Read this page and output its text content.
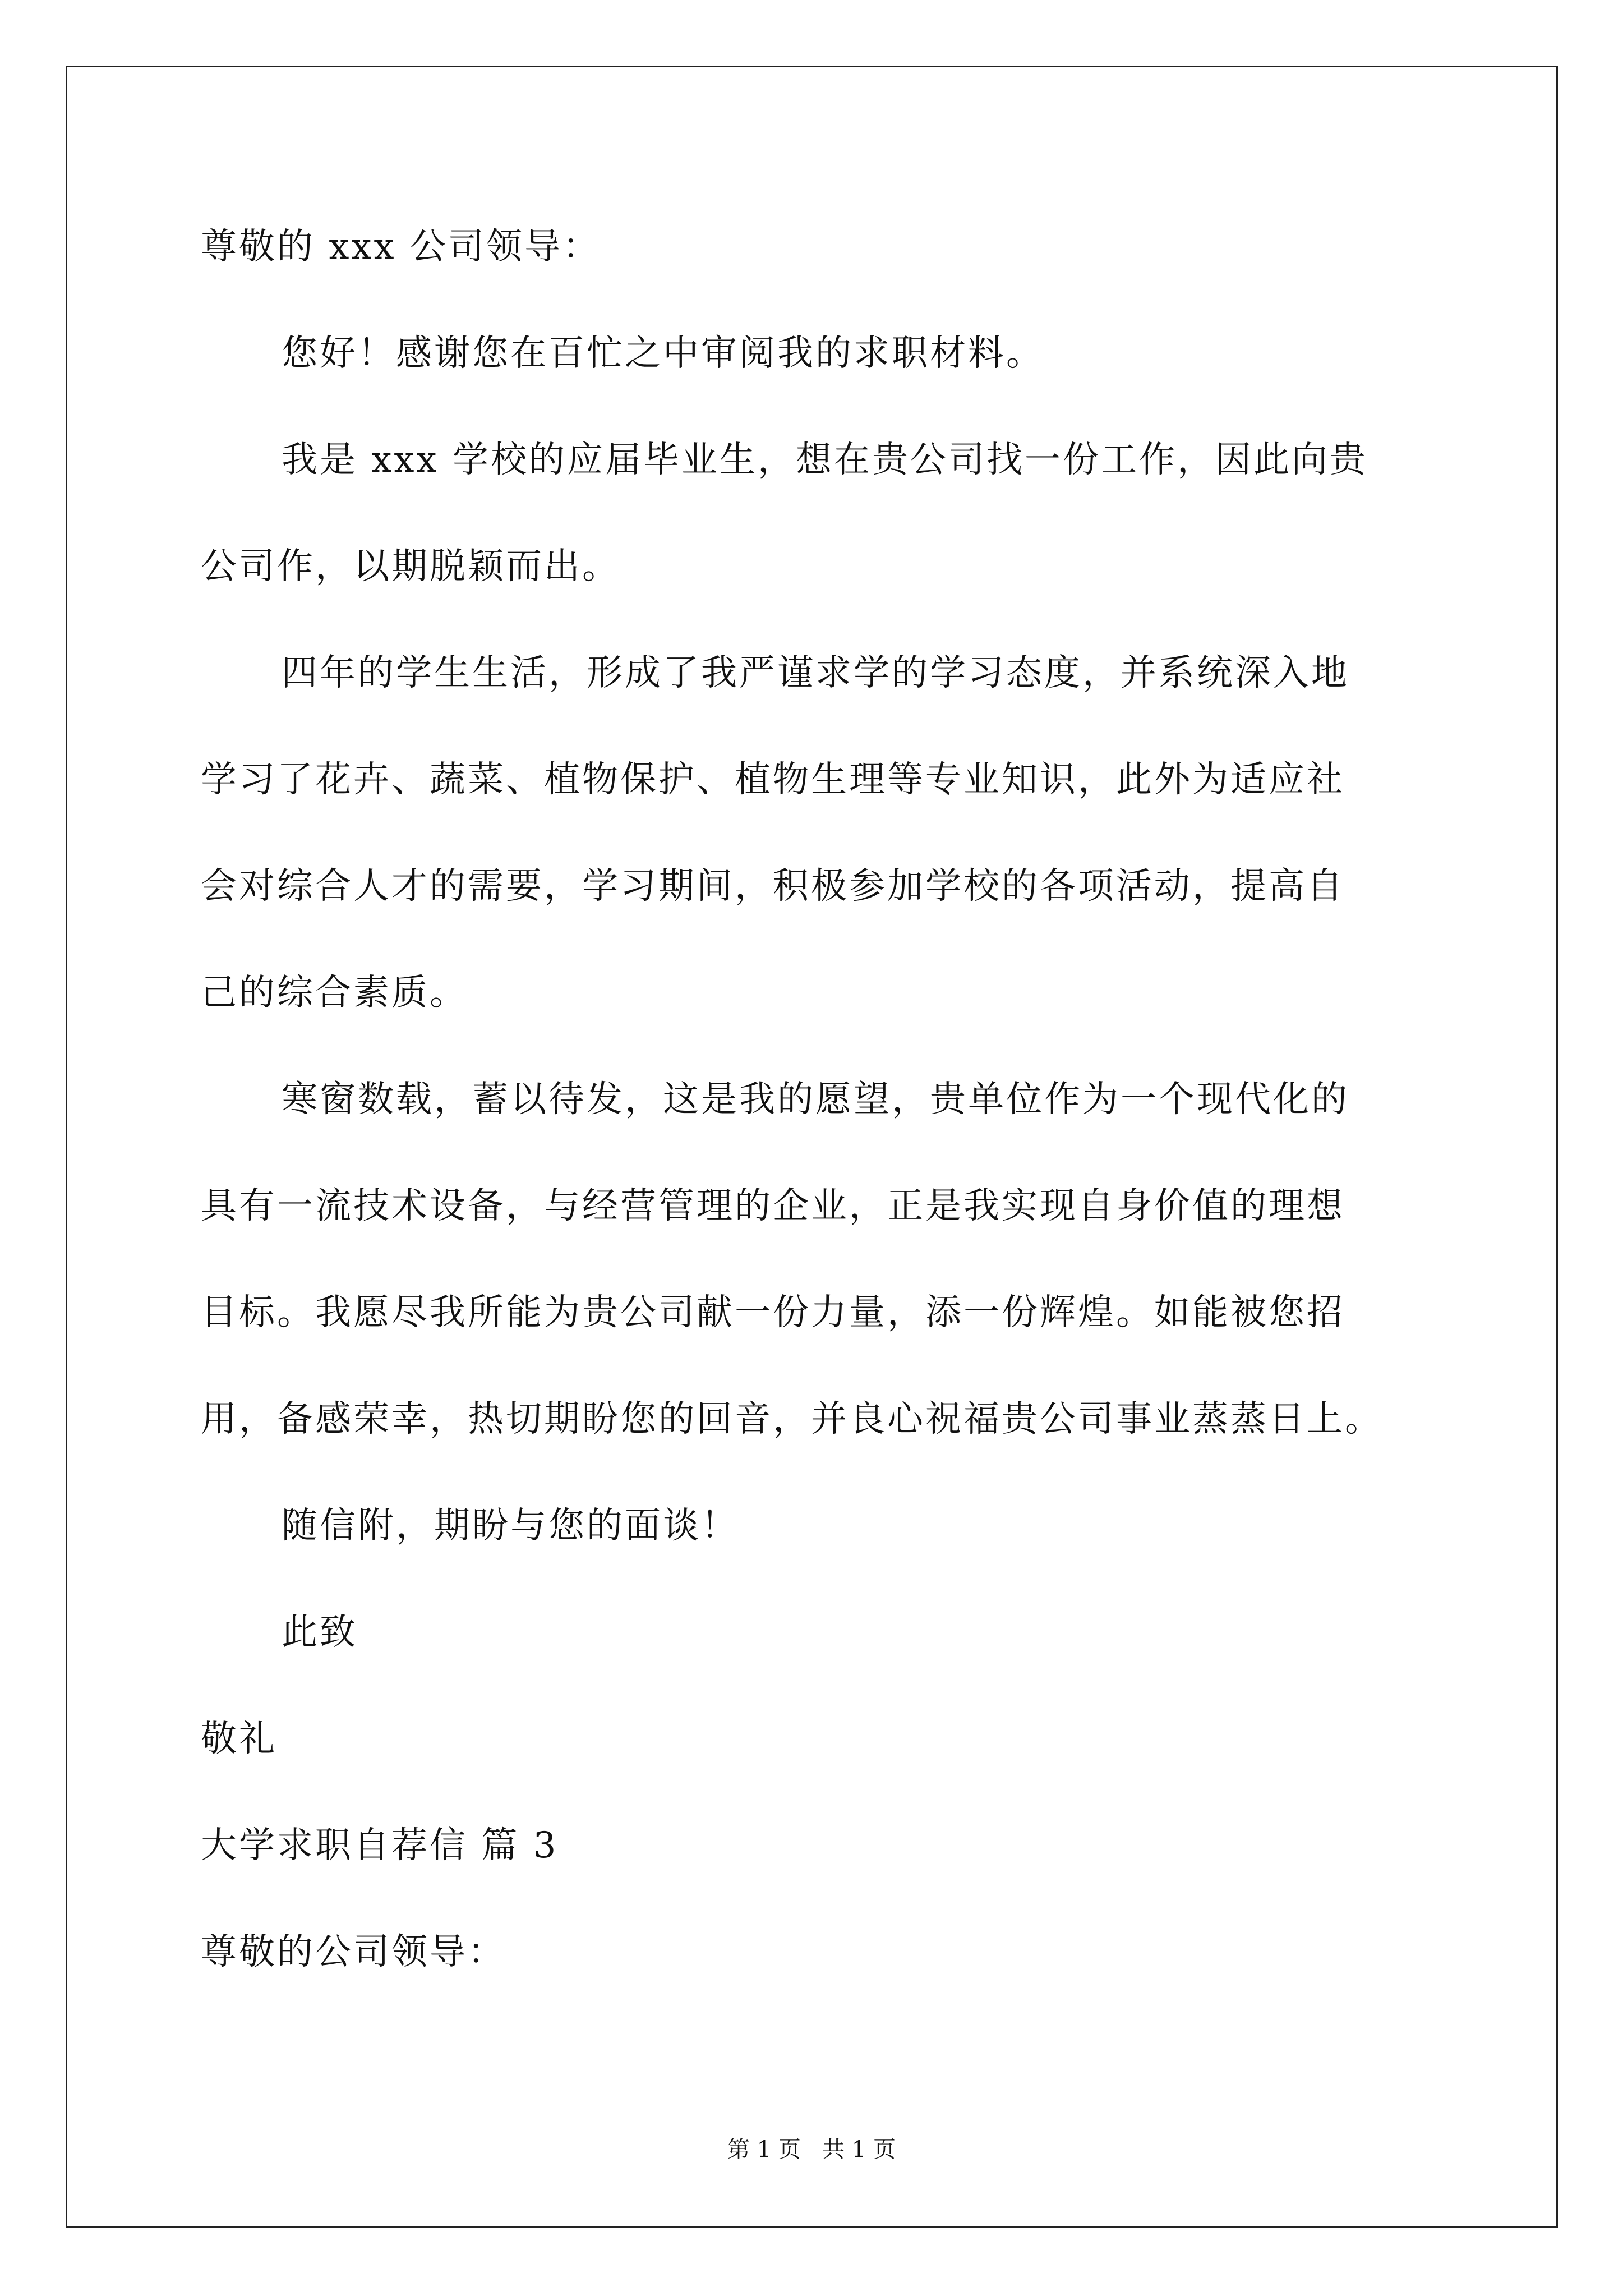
尊敬的 xxx 公司领导：
您好！感谢您在百忙之中审阅我的求职材料。
我是 xxx 学校的应届毕业生，想在贵公司找一份工作，因此向贵
公司作，以期脱颖而出。
四年的学生生活，形成了我严谨求学的学习态度，并系统深入地
学习了花卉、蔬菜、植物保护、植物生理等专业知识，此外为适应社
会对综合人才的需要，学习期间，积极参加学校的各项活动，提高自
己的综合素质。
寒窗数载，蓄以待发，这是我的愿望，贵单位作为一个现代化的
具有一流技术设备，与经营管理的企业，正是我实现自身价值的理想
目标。我愿尽我所能为贵公司献一份力量，添一份辉煌。如能被您招
用，备感荣幸，热切期盼您的回音，并良心祝福贵公司事业蒸蒸日上。
随信附，期盼与您的面谈！
此致
敬礼
大学求职自荐信 篇 3
尊敬的公司领导：
第 1 页   共 1 页
